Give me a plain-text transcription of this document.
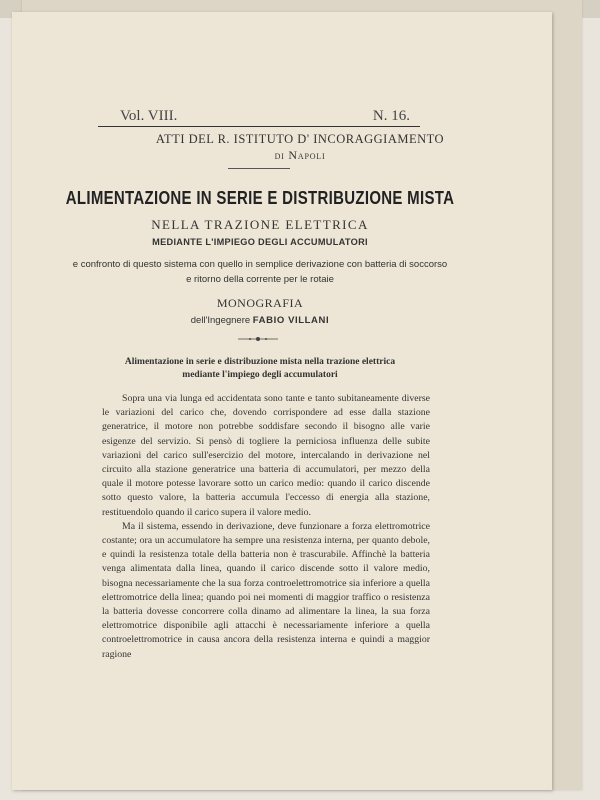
Vol. VIII.	N. 16.
ATTI DEL R. ISTITUTO D' INCORAGGIAMENTO
di Napoli
ALIMENTAZIONE IN SERIE E DISTRIBUZIONE MISTA
NELLA TRAZIONE ELETTRICA
MEDIANTE L'IMPIEGO DEGLI ACCUMULATORI
e confronto di questo sistema con quello in semplice derivazione con batteria di soccorso
e ritorno della corrente per le rotaie
MONOGRAFIA
dell'Ingegnere FABIO VILLANI
Alimentazione in serie e distribuzione mista nella trazione elettrica
mediante l'impiego degli accumulatori

Sopra una via lunga ed accidentata sono tante e tanto subitaneamente diverse le variazioni del carico che, dovendo corrispondere ad esse dalla stazione generatrice, il motore non potrebbe soddisfare secondo il bisogno alle varie esigenze del servizio. Si pensò di togliere la perniciosa influenza delle subite variazioni del carico sull'esercizio del motore, intercalando in derivazione nel circuito alla stazione generatrice una batteria di accumulatori, per mezzo della quale il motore potesse lavorare sotto un carico medio: quando il carico discende sotto questo valore, la batteria accumula l'eccesso di energia alla stazione, restituendolo quando il carico supera il valore medio.

Ma il sistema, essendo in derivazione, deve funzionare a forza elettromotrice costante; ora un accumulatore ha sempre una resistenza interna, per quanto debole, e quindi la resistenza totale della batteria non è trascurabile. Affinchè la batteria venga alimentata dalla linea, quando il carico discende sotto il valore medio, bisogna necessariamente che la sua forza controelettromotrice sia inferiore a quella elettromotrice della linea; quando poi nei momenti di maggior traffico o resistenza la batteria dovesse concorrere colla dinamo ad alimentare la linea, la sua forza elettromotrice disponibile agli attacchi è necessariamente inferiore a quella controelettromotrice in causa ancora della resistenza interna e quindi a maggior ragione
